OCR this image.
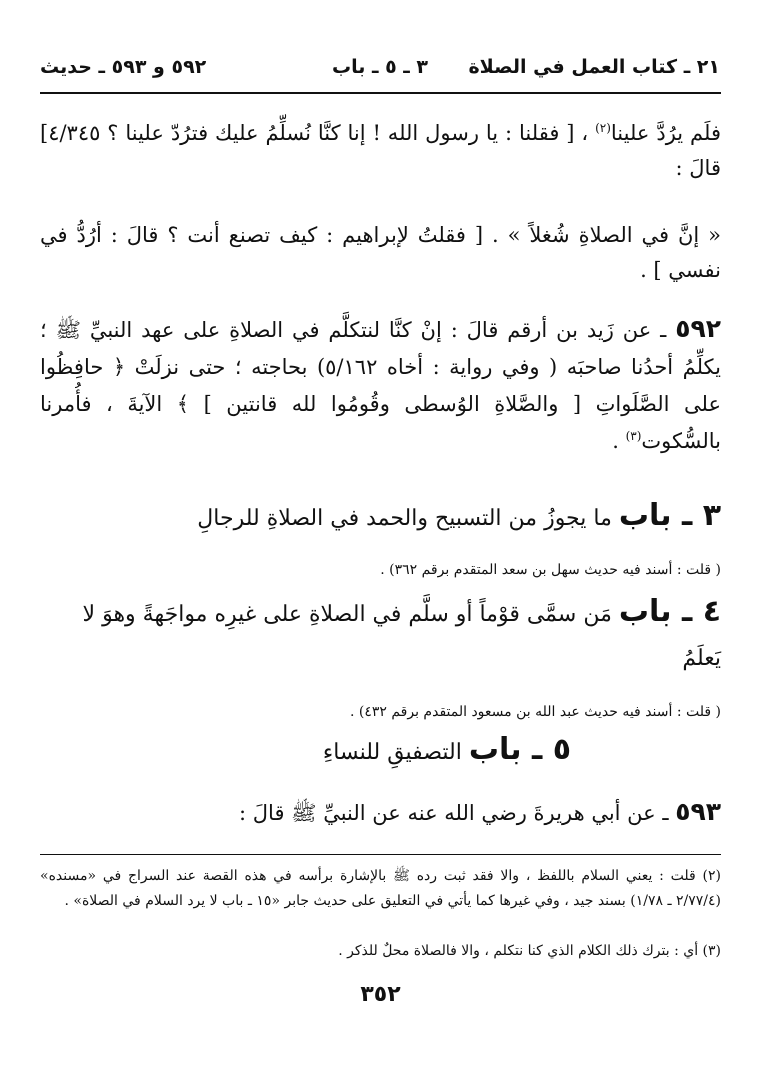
٢١ ـ كتاب العمل في الصلاة
٣ ـ ٥ ـ باب
٥٩٢ و ٥٩٣ ـ حديث
فلَم يرُدَّ علينا$^{(٢)}$ ، [ فقلنا : يا رسول الله ! إنا كنَّا نُسلِّمُ عليك فترُدّ علينا ؟ ٤/٣٤٥] قالَ :
« إنَّ في الصلاةِ شُغلاً » . [ فقلتُ لإبراهيم : كيف تصنع أنت ؟ قالَ : أرُدُّ في نفسي ] .
٥٩٢ ـ عن زَيد بن أرقم قالَ : إنْ كنَّا لنتكلَّم في الصلاةِ على عهد النبيِّ ﷺ ؛ يكلِّمُ أحدُنا صاحبَه ( وفي رواية : أخاه ٥/١٦٢) بحاجته ؛ حتى نزلَتْ ﴿ حافِظُوا على الصَّلَواتِ [ والصَّلاةِ الوُسطى وقُومُوا لله قانتين ] ﴾ الآيةَ ، فأُمرنا بالسُّكوت$^{(٣)}$ .
٣ ـ باب ما يجوزُ من التسبيح والحمد في الصلاةِ للرجالِ
( قلت : أسند فيه حديث سهل بن سعد المتقدم برقم ٣٦٢) .
٤ ـ باب مَن سمَّى قوْماً أو سلَّم في الصلاةِ على غيرِه مواجَهةً وهوَ لا يَعلَمُ
( قلت : أسند فيه حديث عبد الله بن مسعود المتقدم برقم ٤٣٢) .
٥ ـ باب التصفيقِ للنساءِ
٥٩٣ ـ عن أبي هريرةَ رضي الله عنه عن النبيِّ ﷺ قالَ :
(٢) قلت : يعني السلام باللفظ ، والا فقد ثبت رده ﷺ بالإشارة برأسه في هذه القصة عند السراج في «مسنده» (٢/٧٧/٤ ـ ١/٧٨) بسند جيد ، وفي غيرها كما يأتي في التعليق على حديث جابر «١٥ ـ باب لا يرد السلام في الصلاة» .
(٣) أي : بترك ذلك الكلام الذي كنا نتكلم ، والا فالصلاة محلٌ للذكر .
٣٥٢
